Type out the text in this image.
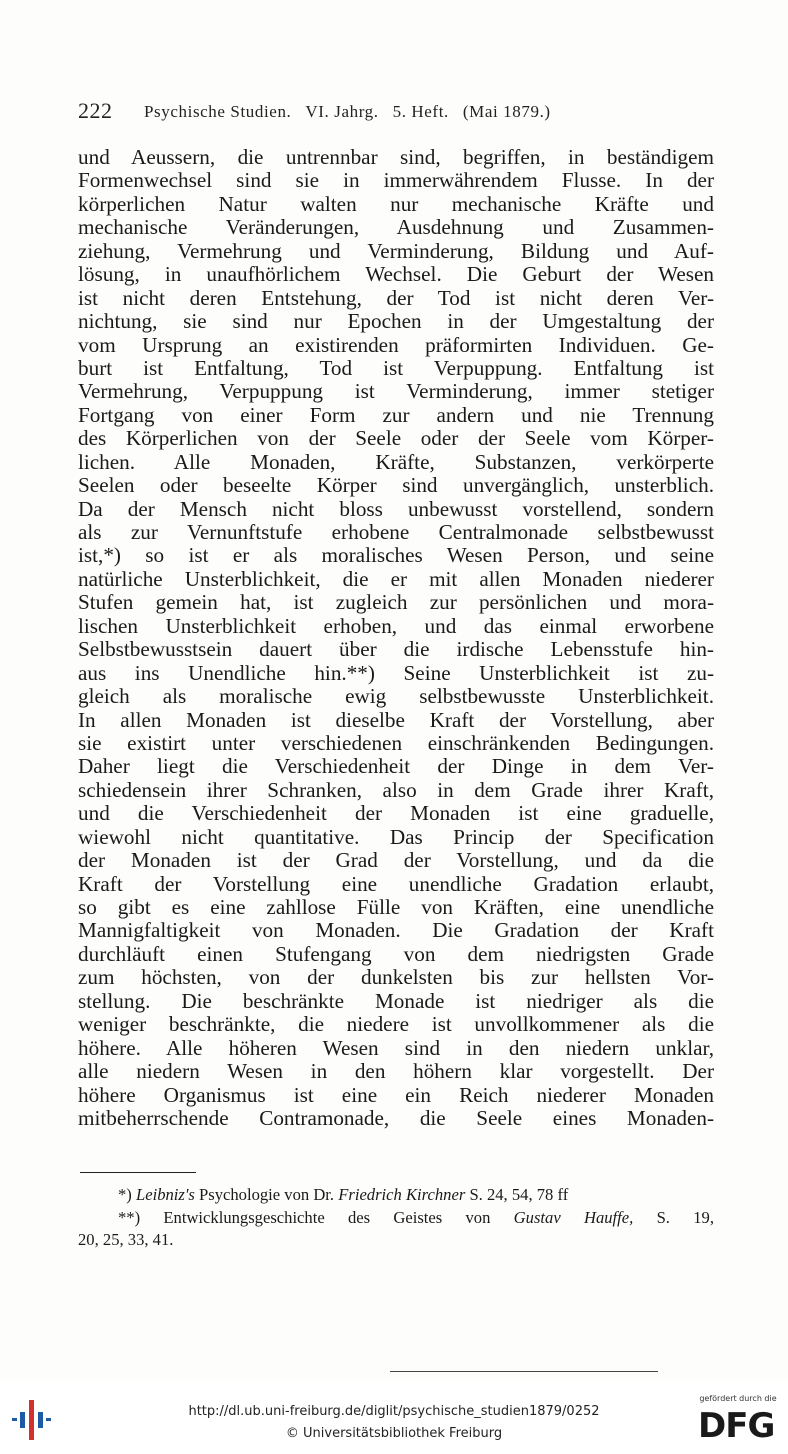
222 Psychische Studien. VI. Jahrg. 5. Heft. (Mai 1879.)
und Aeussern, die untrennbar sind, begriffen, in beständigem
Formenwechsel sind sie in immerwährendem Flusse. In der
körperlichen Natur walten nur mechanische Kräfte und
mechanische Veränderungen, Ausdehnung und Zusammen-
ziehung, Vermehrung und Verminderung, Bildung und Auf-
lösung, in unaufhörlichem Wechsel. Die Geburt der Wesen
ist nicht deren Entstehung, der Tod ist nicht deren Ver-
nichtung, sie sind nur Epochen in der Umgestaltung der
vom Ursprung an existirenden präformirten Individuen. Ge-
burt ist Entfaltung, Tod ist Verpuppung. Entfaltung ist
Vermehrung, Verpuppung ist Verminderung, immer stetiger
Fortgang von einer Form zur andern und nie Trennung
des Körperlichen von der Seele oder der Seele vom Körper-
lichen. Alle Monaden, Kräfte, Substanzen, verkörperte
Seelen oder beseelte Körper sind unvergänglich, unsterblich.
Da der Mensch nicht bloss unbewusst vorstellend, sondern
als zur Vernunftstufe erhobene Centralmonade selbstbewusst
ist,*) so ist er als moralisches Wesen Person, und seine
natürliche Unsterblichkeit, die er mit allen Monaden niederer
Stufen gemein hat, ist zugleich zur persönlichen und mora-
lischen Unsterblichkeit erhoben, und das einmal erworbene
Selbstbewusstsein dauert über die irdische Lebensstufe hin-
aus ins Unendliche hin.**) Seine Unsterblichkeit ist zu-
gleich als moralische ewig selbstbewusste Unsterblichkeit.
In allen Monaden ist dieselbe Kraft der Vorstellung, aber
sie existirt unter verschiedenen einschränkenden Bedingungen.
Daher liegt die Verschiedenheit der Dinge in dem Ver-
schiedensein ihrer Schranken, also in dem Grade ihrer Kraft,
und die Verschiedenheit der Monaden ist eine graduelle,
wiewohl nicht quantitative. Das Princip der Specification
der Monaden ist der Grad der Vorstellung, und da die
Kraft der Vorstellung eine unendliche Gradation erlaubt,
so gibt es eine zahllose Fülle von Kräften, eine unendliche
Mannigfaltigkeit von Monaden. Die Gradation der Kraft
durchläuft einen Stufengang von dem niedrigsten Grade
zum höchsten, von der dunkelsten bis zur hellsten Vor-
stellung. Die beschränkte Monade ist niedriger als die
weniger beschränkte, die niedere ist unvollkommener als die
höhere. Alle höheren Wesen sind in den niedern unklar,
alle niedern Wesen in den höhern klar vorgestellt. Der
höhere Organismus ist eine ein Reich niederer Monaden
mitbeherrschende Contramonade, die Seele eines Monaden-
*) Leibniz's Psychologie von Dr. Friedrich Kirchner S. 24, 54, 78 ff
**) Entwicklungsgeschichte des Geistes von Gustav Hauffe, S. 19,
20, 25, 33, 41.
http://dl.ub.uni-freiburg.de/diglit/psychische_studien1879/0252
© Universitätsbibliothek Freiburg
gefördert durch die
DFG
